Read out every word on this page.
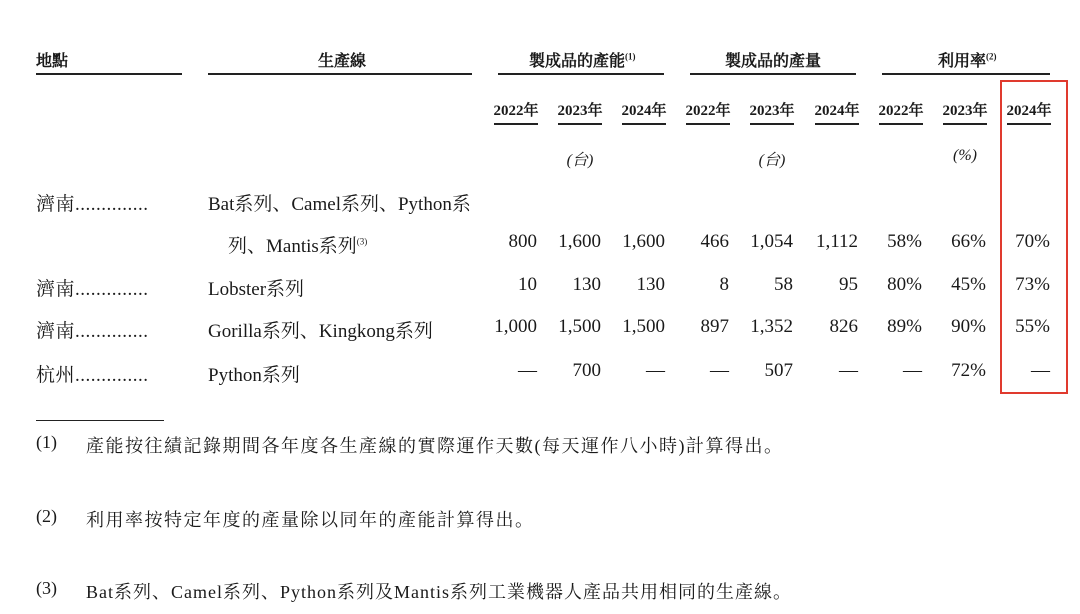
地點	生產線	製成品的產能$^{(1)}$	製成品的產量	利用率$^{(2)}$
2022年	2023年	2024年	2022年	2023年	2024年	2022年	2023年	2024年
(台)	(台)	(%)
濟南..............	Bat系列、Camel系列、Python系
列、Mantis系列$^{(3)}$	800	1,600	1,600	466	1,054	1,112	58%	66%	70%
濟南..............	Lobster系列	10	130	130	8	58	95	80%	45%	73%
濟南..............	Gorilla系列、Kingkong系列	1,000	1,500	1,500	897	1,352	826	89%	90%	55%
杭州..............	Python系列	—	700	—	—	507	—	—	72%	—
(1) 產能按往績記錄期間各年度各生產線的實際運作天數(每天運作八小時)計算得出。
(2) 利用率按特定年度的產量除以同年的產能計算得出。
(3) Bat系列、Camel系列、Python系列及Mantis系列工業機器人產品共用相同的生產線。
